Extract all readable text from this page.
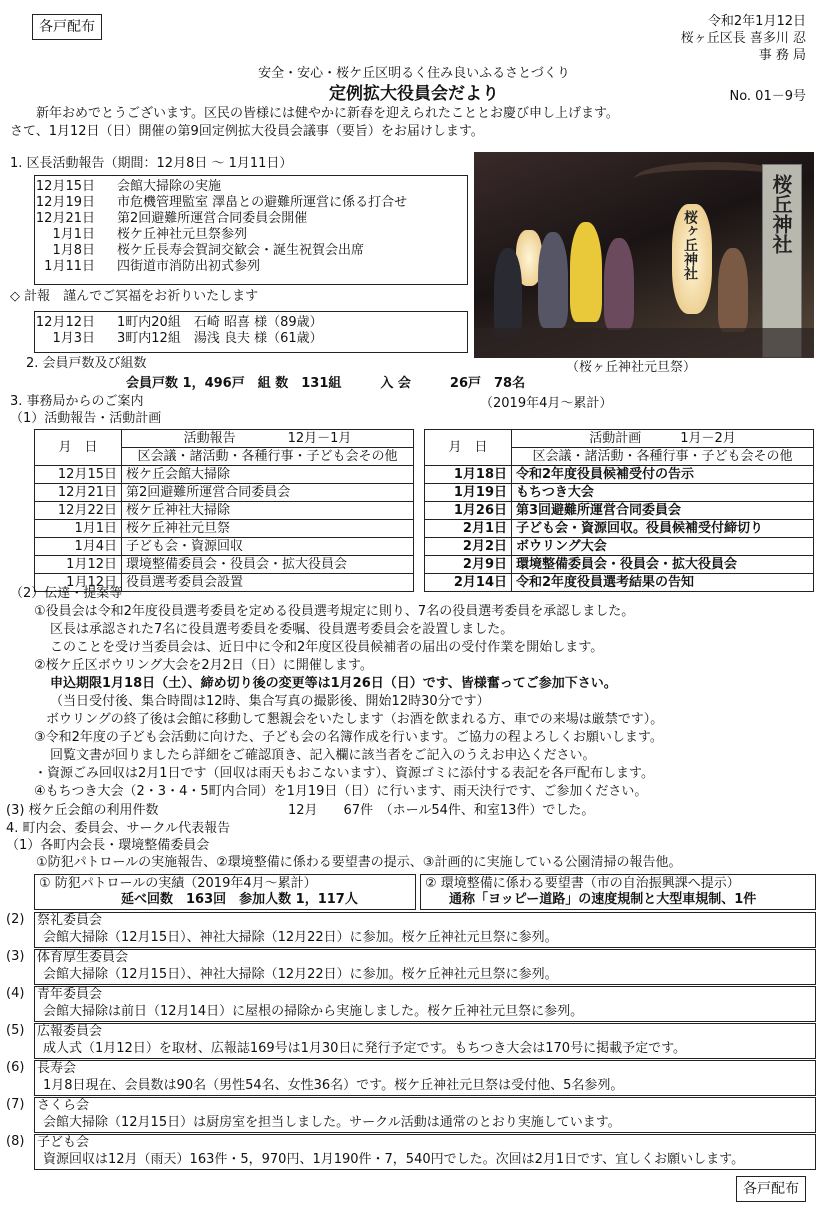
各戸配布	令和2年1月12日
桜ヶ丘区長 喜多川 忍
事 務 局
安全・安心・桜ケ丘区明るく住み良いふるさとづくり
定例拡大役員会だより	No. 01－9号
新年おめでとうございます。区民の皆様には健やかに新春を迎えられたこととお慶び申し上げます。
さて、1月12日（日）開催の第9回定例拡大役員会議事（要旨）をお届けします。
1. 区長活動報告（期間：12月8日 ～ 1月11日）
12月15日	会館大掃除の実施
12月19日	市危機管理監室 澤畠との避難所運営に係る打合せ
12月21日	第2回避難所運営合同委員会開催
1月1日	桜ケ丘神社元旦祭参列
1月8日	桜ケ丘長寿会賀詞交歓会・誕生祝賀会出席
1月11日	四街道市消防出初式参列
◇ 計報　謹んでご冥福をお祈りいたします
12月12日	1町内20組　石崎 昭喜 様（89歳）
1月3日	3町内12組　湯浅 良夫 様（61歳）
桜ヶ丘神社	桜丘神社
（桜ヶ丘神社元旦祭）
2. 会員戸数及び組数
会員戸数 1，496戸　組 数　131組　　　入 会　　　26戸　78名
3. 事務局からのご案内	（2019年4月～累計）
（1）活動報告・活動計画
月　日	活動報告　　　　12月－1月
	区会議・諸活動・各種行事・子ども会その他
12月15日	桜ケ丘会館大掃除
12月21日	第2回避難所運営合同委員会
12月22日	桜ケ丘神社大掃除
1月1日	桜ケ丘神社元旦祭
1月4日	子ども会・資源回収
1月12日	環境整備委員会・役員会・拡大役員会
1月12日	役員選考委員会設置
月　日	活動計画　　　1月－2月
	区会議・諸活動・各種行事・子ども会その他
1月18日	令和2年度役員候補受付の告示
1月19日	もちつき大会
1月26日	第3回避難所運営合同委員会
2月1日	子ども会・資源回収。役員候補受付締切り
2月2日	ボウリング大会
2月9日	環境整備委員会・役員会・拡大役員会
2月14日	令和2年度役員選考結果の告知
（2）伝達・提案等
①役員会は令和2年度役員選考委員を定める役員選考規定に則り、7名の役員選考委員を承認しました。
区長は承認された7名に役員選考委員を委嘱、役員選考委員会を設置しました。
このことを受け当委員会は、近日中に令和2年度区役員候補者の届出の受付作業を開始します。
②桜ケ丘区ボウリング大会を2月2日（日）に開催します。
申込期限1月18日（土）、締め切り後の変更等は1月26日（日）です、皆様奮ってご参加下さい。
（当日受付後、集合時間は12時、集合写真の撮影後、開始12時30分です）
ボウリングの終了後は会館に移動して懇親会をいたします（お酒を飲まれる方、車での来場は厳禁です）。
③令和2年度の子ども会活動に向けた、子ども会の名簿作成を行います。ご協力の程よろしくお願いします。
回覧文書が回りましたら詳細をご確認頂き、記入欄に該当者をご記入のうえお申込ください。
・資源ごみ回収は2月1日です（回収は雨天もおこないます）、資源ゴミに添付する表記を各戸配布します。
④もちつき大会（2・3・4・5町内合同）を1月19日（日）に行います、雨天決行です、ご参加ください。
(3) 桜ケ丘会館の利用件数	12月　　67件　（ホール54件、和室13件）でした。
4. 町内会、委員会、サークル代表報告
（1）各町内会長・環境整備委員会
①防犯パトロールの実施報告、②環境整備に係わる要望書の提示、③計画的に実施している公園清掃の報告他。
① 防犯パトロールの実績（2019年4月～累計）
延べ回数　163回　参加人数 1，117人
② 環境整備に係わる要望書（市の自治振興課へ提示）
通称「ヨッピー道路」の速度規制と大型車規制、1件
(2) 祭礼委員会
会館大掃除（12月15日）、神社大掃除（12月22日）に参加。桜ケ丘神社元旦祭に参列。
(3) 体育厚生委員会
会館大掃除（12月15日）、神社大掃除（12月22日）に参加。桜ケ丘神社元旦祭に参列。
(4) 青年委員会
会館大掃除は前日（12月14日）に屋根の掃除から実施しました。桜ケ丘神社元旦祭に参列。
(5) 広報委員会
成人式（1月12日）を取材、広報誌169号は1月30日に発行予定です。もちつき大会は170号に掲載予定です。
(6) 長寿会
1月8日現在、会員数は90名（男性54名、女性36名）です。桜ケ丘神社元旦祭は受付他、5名参列。
(7) さくら会
会館大掃除（12月15日）は厨房室を担当しました。サークル活動は通常のとおり実施しています。
(8) 子ども会
資源回収は12月（雨天）163件・5，970円、1月190件・7，540円でした。次回は2月1日です、宜しくお願いします。
各戸配布
